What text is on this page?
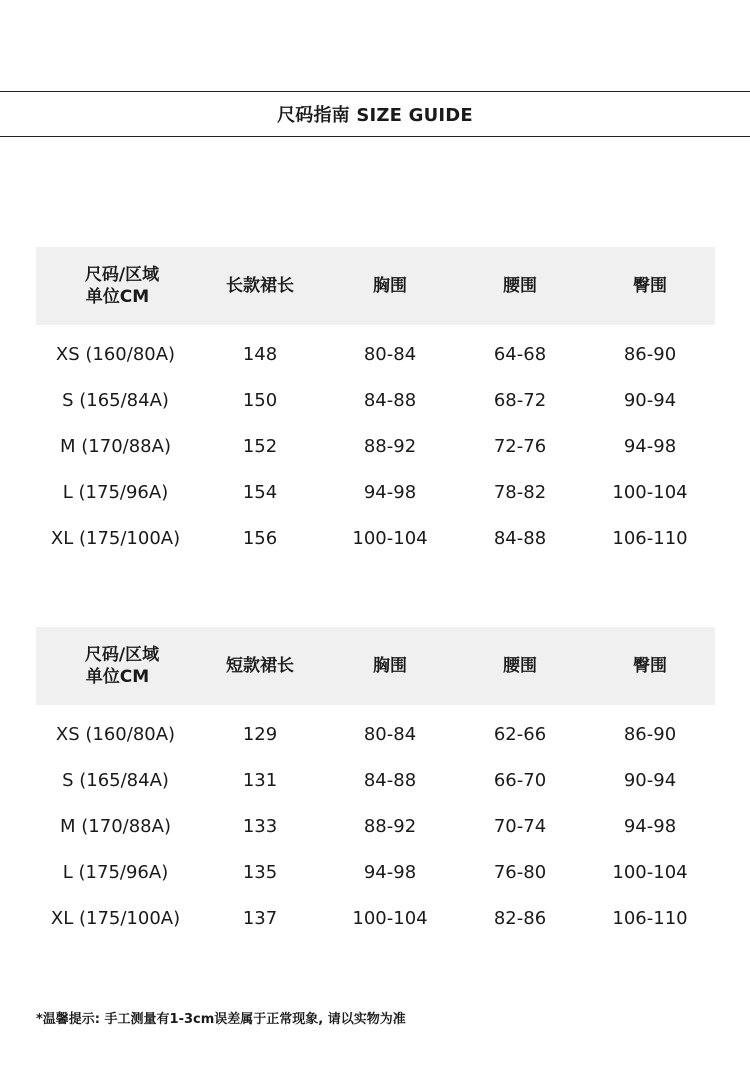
尺码指南 SIZE GUIDE
尺码/区域
单位CM
长款裙长	胸围	腰围	臀围
XS (160/80A)	148	80-84	64-68	86-90
S (165/84A)	150	84-88	68-72	90-94
M (170/88A)	152	88-92	72-76	94-98
L (175/96A)	154	94-98	78-82	100-104
XL (175/100A)	156	100-104	84-88	106-110
尺码/区域
单位CM
短款裙长	胸围	腰围	臀围
XS (160/80A)	129	80-84	62-66	86-90
S (165/84A)	131	84-88	66-70	90-94
M (170/88A)	133	88-92	70-74	94-98
L (175/96A)	135	94-98	76-80	100-104
XL (175/100A)	137	100-104	82-86	106-110
*温馨提示: 手工测量有1-3cm误差属于正常现象, 请以实物为准
